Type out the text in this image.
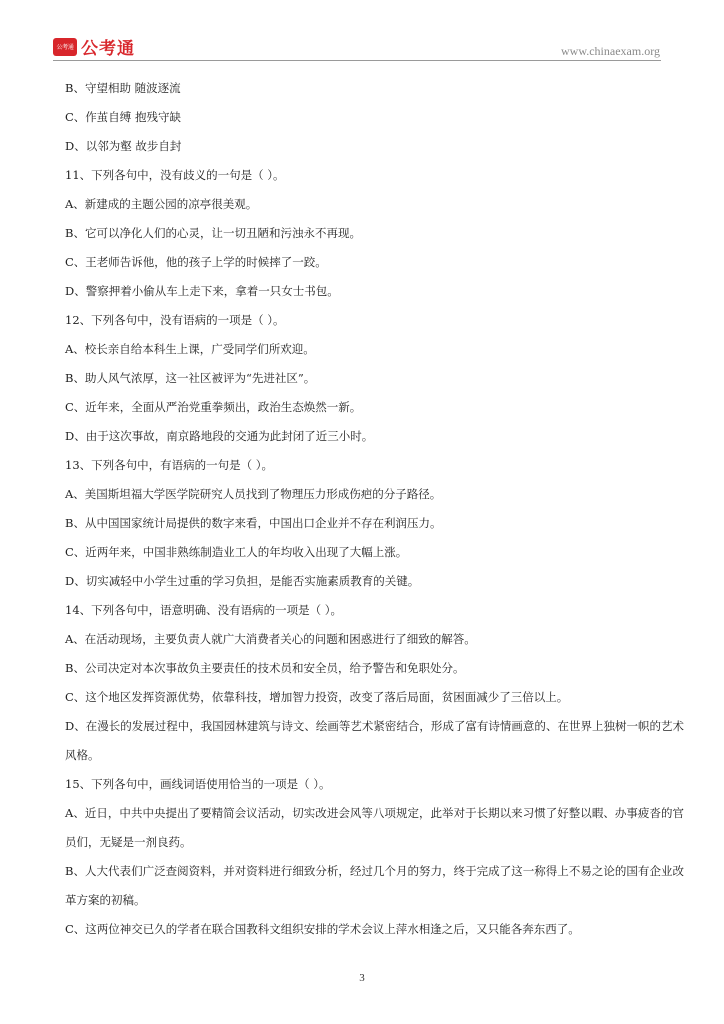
公考通 公考通	www.chinaexam.org

B、守望相助 随波逐流

C、作茧自缚 抱残守缺

D、以邻为壑 故步自封

11、下列各句中，没有歧义的一句是（ ）。

A、新建成的主题公园的凉亭很美观。

B、它可以净化人们的心灵，让一切丑陋和污浊永不再现。

C、王老师告诉他，他的孩子上学的时候摔了一跤。

D、警察押着小偷从车上走下来，拿着一只女士书包。

12、下列各句中，没有语病的一项是（ ）。

A、校长亲自给本科生上课，广受同学们所欢迎。

B、助人风气浓厚，这一社区被评为“先进社区”。

C、近年来，全面从严治党重拳频出，政治生态焕然一新。

D、由于这次事故，南京路地段的交通为此封闭了近三小时。

13、下列各句中，有语病的一句是（ ）。

A、美国斯坦福大学医学院研究人员找到了物理压力形成伤疤的分子路径。

B、从中国国家统计局提供的数字来看，中国出口企业并不存在利润压力。

C、近两年来，中国非熟练制造业工人的年均收入出现了大幅上涨。

D、切实减轻中小学生过重的学习负担，是能否实施素质教育的关键。

14、下列各句中，语意明确、没有语病的一项是（ ）。

A、在活动现场，主要负责人就广大消费者关心的问题和困惑进行了细致的解答。

B、公司决定对本次事故负主要责任的技术员和安全员，给予警告和免职处分。

C、这个地区发挥资源优势，依靠科技，增加智力投资，改变了落后局面，贫困面减少了三倍以上。

D、在漫长的发展过程中，我国园林建筑与诗文、绘画等艺术紧密结合，形成了富有诗情画意的、在世界上独树一帜的艺术风格。

15、下列各句中，画线词语使用恰当的一项是（ ）。

A、近日，中共中央提出了要精简会议活动，切实改进会风等八项规定，此举对于长期以来习惯了好整以暇、办事疲沓的官员们，无疑是一剂良药。

B、人大代表们广泛查阅资料，并对资料进行细致分析，经过几个月的努力，终于完成了这一称得上不易之论的国有企业改革方案的初稿。

C、这两位神交已久的学者在联合国教科文组织安排的学术会议上萍水相逢之后，又只能各奔东西了。

3
